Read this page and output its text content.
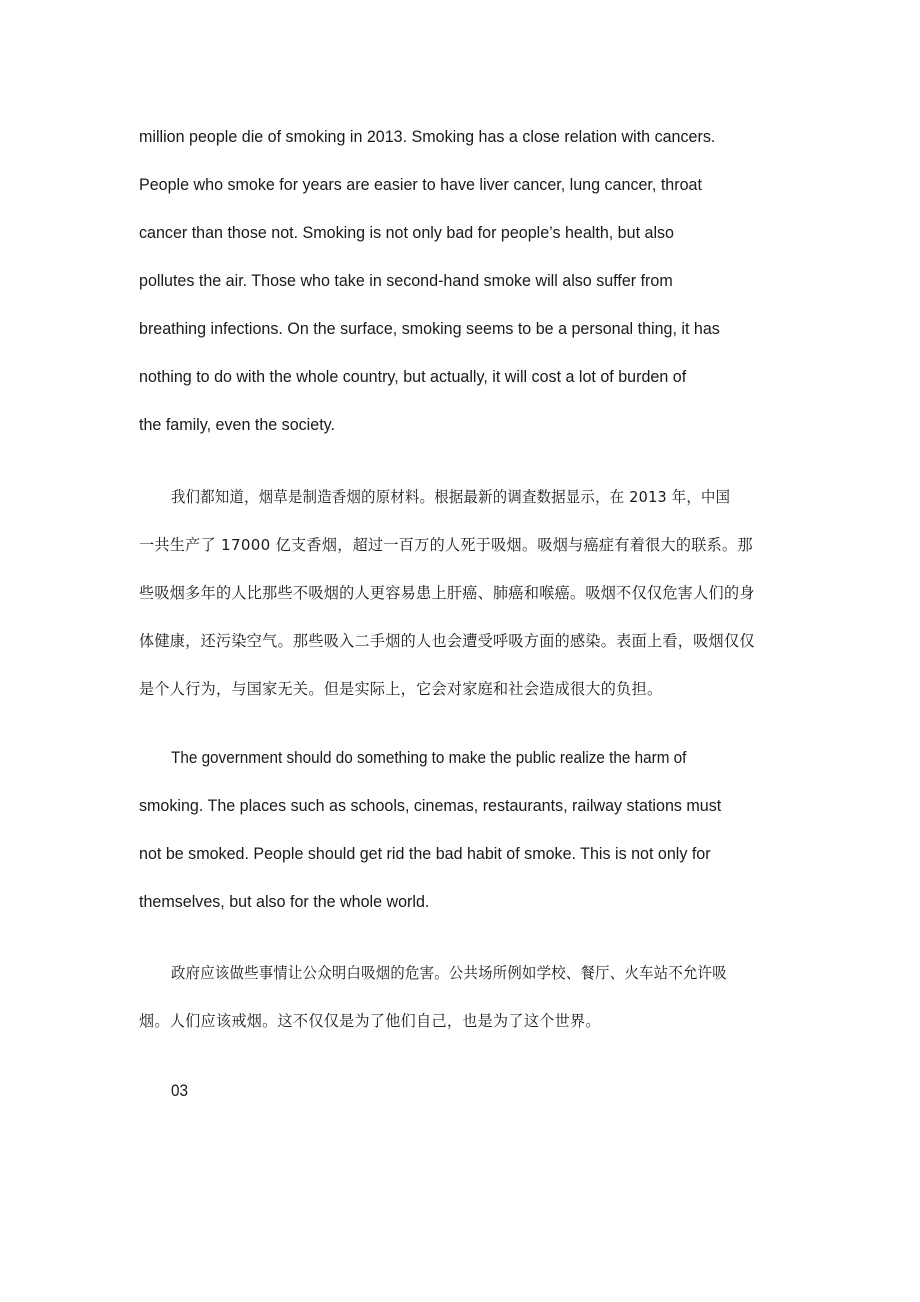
million people die of smoking in 2013. Smoking has a close relation with cancers.

People who smoke for years are easier to have liver cancer, lung cancer, throat

cancer than those not. Smoking is not only bad for people’s health, but also

pollutes the air. Those who take in second-hand smoke will also suffer from

breathing infections. On the surface, smoking seems to be a personal thing, it has

nothing to do with the whole country, but actually, it will cost a lot of burden of

the family, even the society.

我们都知道，烟草是制造香烟的原材料。根据最新的调查数据显示，在 2013 年，中国

一共生产了 17000 亿支香烟，超过一百万的人死于吸烟。吸烟与癌症有着很大的联系。那

些吸烟多年的人比那些不吸烟的人更容易患上肝癌、肺癌和喉癌。吸烟不仅仅危害人们的身

体健康，还污染空气。那些吸入二手烟的人也会遭受呼吸方面的感染。表面上看，吸烟仅仅

是个人行为，与国家无关。但是实际上，它会对家庭和社会造成很大的负担。

The government should do something to make the public realize the harm of

smoking. The places such as schools, cinemas, restaurants, railway stations must

not be smoked. People should get rid the bad habit of smoke. This is not only for

themselves, but also for the whole world.

政府应该做些事情让公众明白吸烟的危害。公共场所例如学校、餐厅、火车站不允许吸

烟。人们应该戒烟。这不仅仅是为了他们自己，也是为了这个世界。

03
